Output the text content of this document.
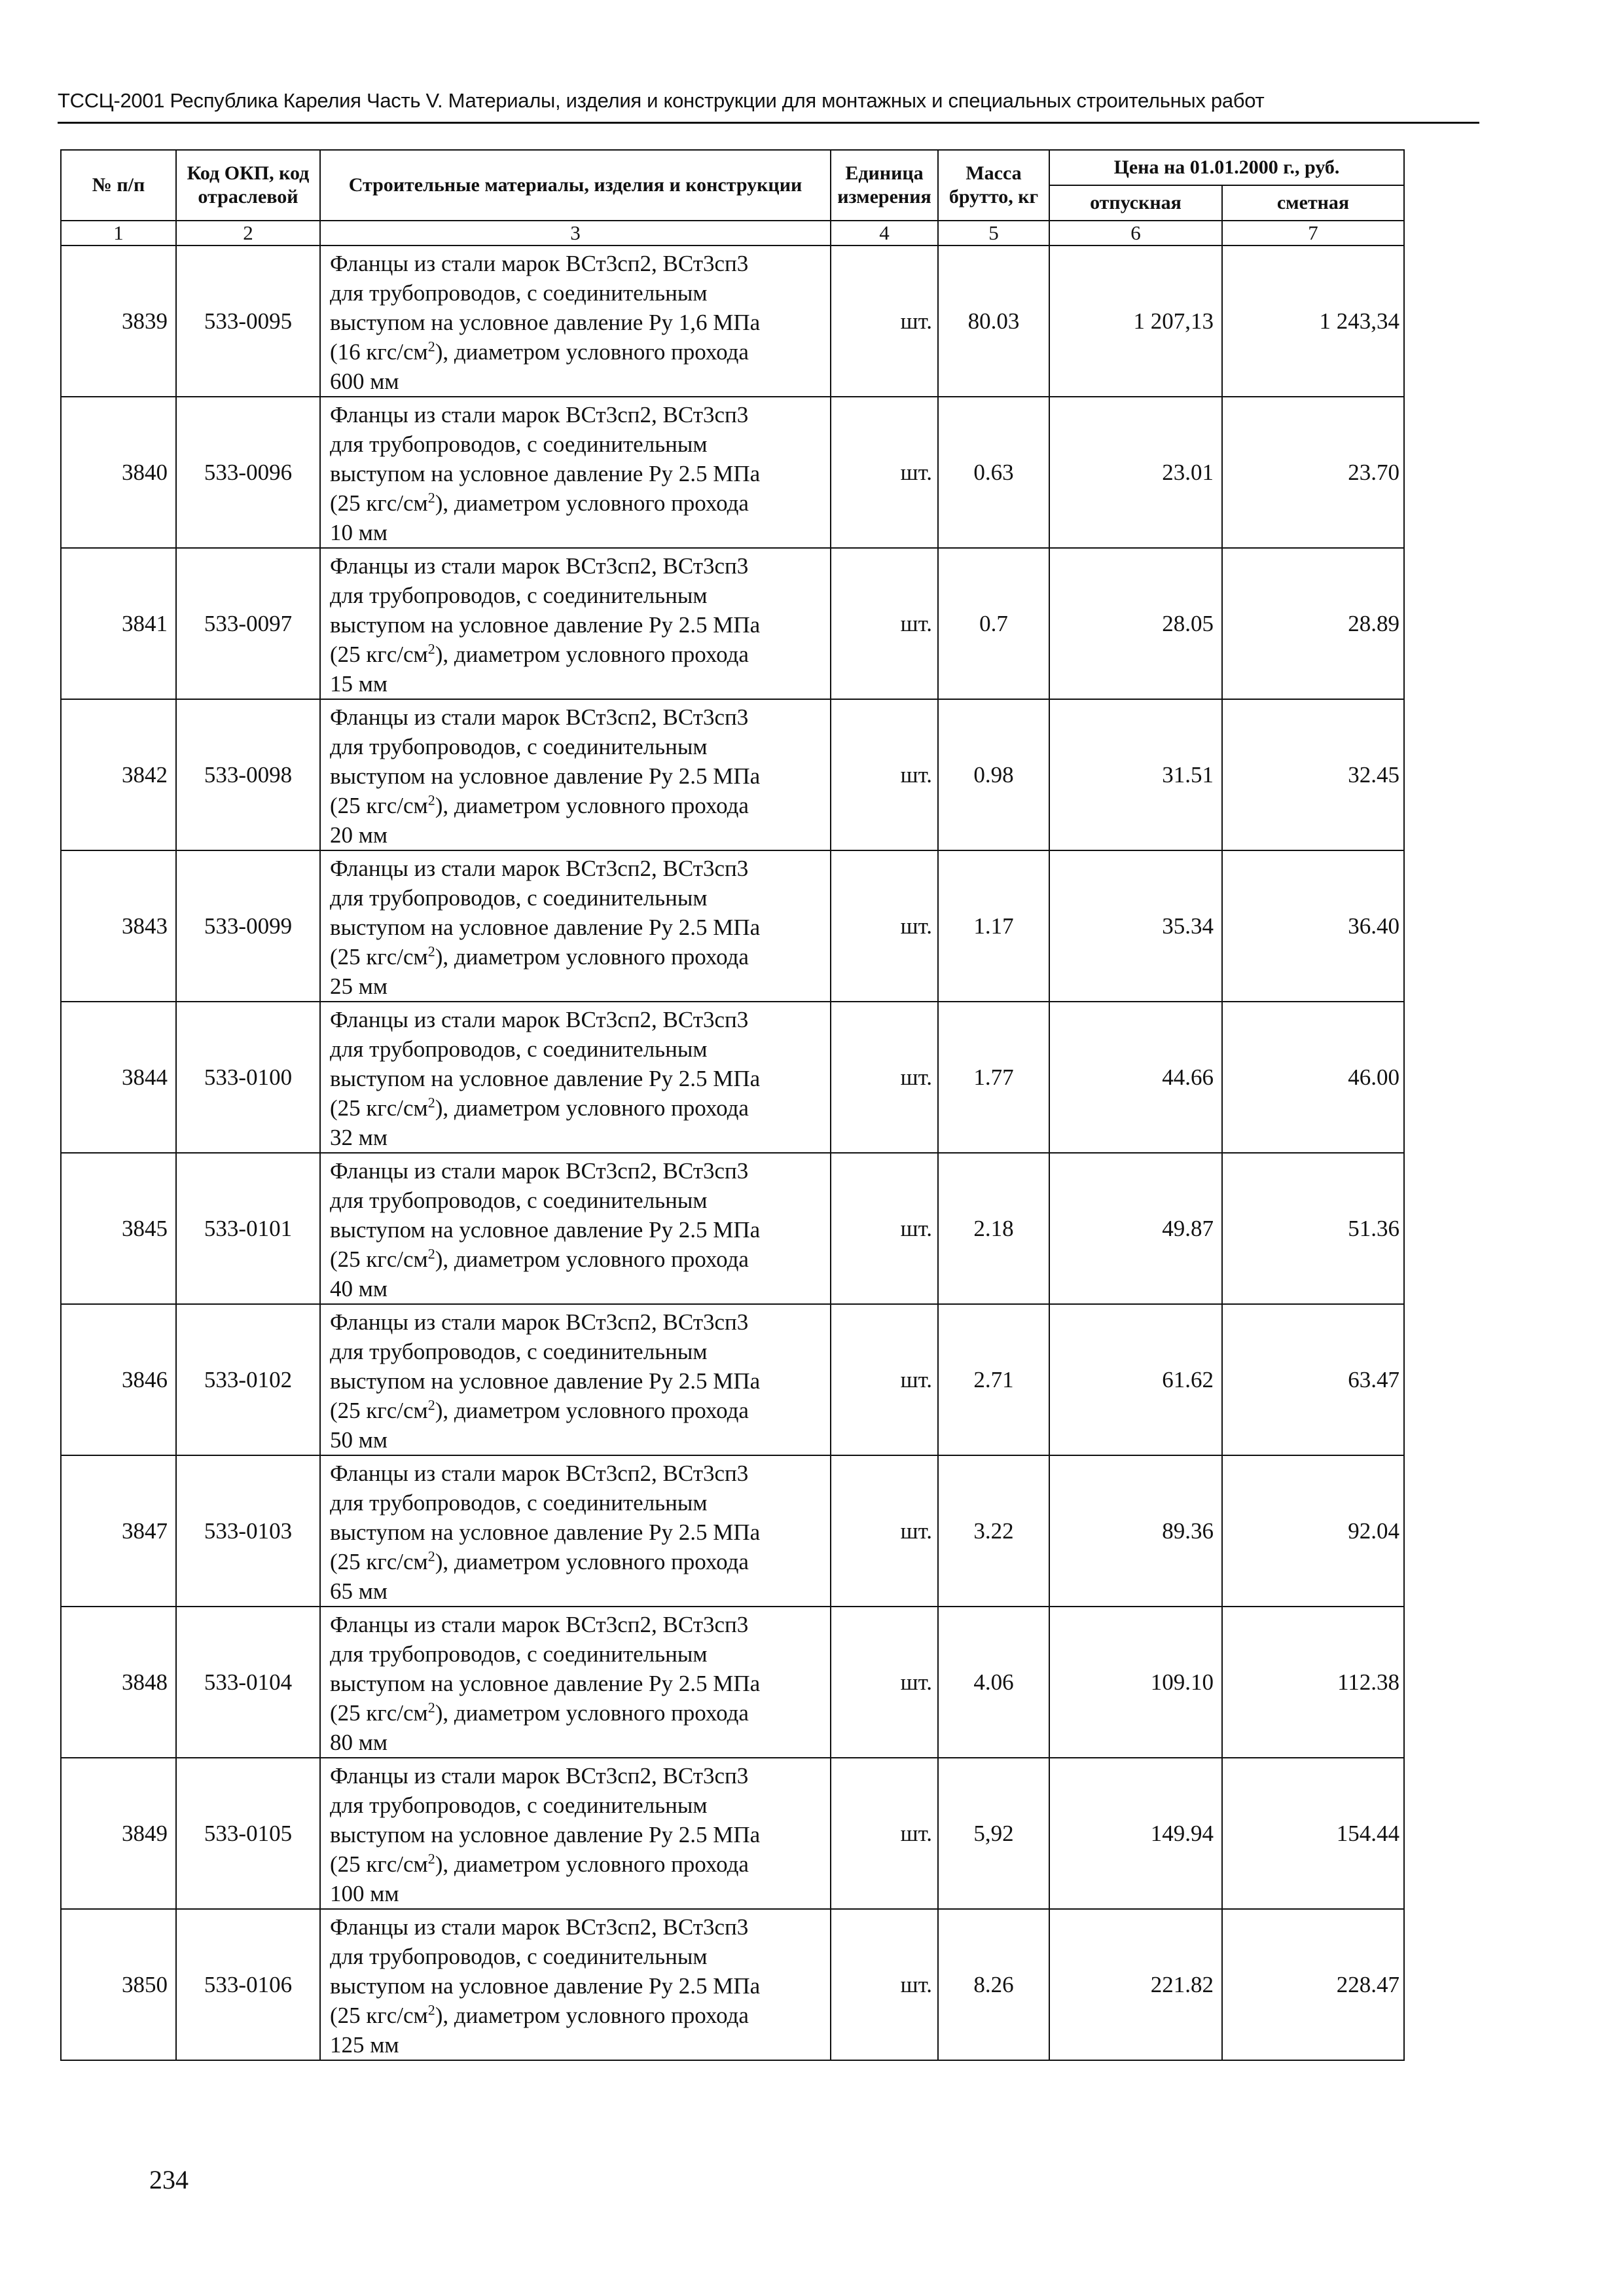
ТССЦ-2001 Республика Карелия Часть V. Материалы, изделия и конструкции для монтажных и специальных строительных работ
№ п/п	Код ОКП, код отраслевой	Строительные материалы, изделия и конструкции	Единица измерения	Масса брутто, кг	Цена на 01.01.2000 г., руб.	
					отпускная	сметная
1	2	3	4	5	6	7
3839	533-0095	Фланцы из стали марок ВСт3сп2, ВСт3сп3
для трубопроводов, с соединительным
выступом на условное давление Ру 1,6 МПа
(16 кгс/$см^2$), диаметром условного прохода
600 мм	шт.	80.03	1 207,13	1 243,34
3840	533-0096	Фланцы из стали марок ВСт3сп2, ВСт3сп3
для трубопроводов, с соединительным
выступом на условное давление Ру 2.5 МПа
(25 кгс/$см^2$), диаметром условного прохода
10 мм	шт.	0.63	23.01	23.70
3841	533-0097	Фланцы из стали марок ВСт3сп2, ВСт3сп3
для трубопроводов, с соединительным
выступом на условное давление Ру 2.5 МПа
(25 кгс/$см^2$), диаметром условного прохода
15 мм	шт.	0.7	28.05	28.89
3842	533-0098	Фланцы из стали марок ВСт3сп2, ВСт3сп3
для трубопроводов, с соединительным
выступом на условное давление Ру 2.5 МПа
(25 кгс/$см^2$), диаметром условного прохода
20 мм	шт.	0.98	31.51	32.45
3843	533-0099	Фланцы из стали марок ВСт3сп2, ВСт3сп3
для трубопроводов, с соединительным
выступом на условное давление Ру 2.5 МПа
(25 кгс/$см^2$), диаметром условного прохода
25 мм	шт.	1.17	35.34	36.40
3844	533-0100	Фланцы из стали марок ВСт3сп2, ВСт3сп3
для трубопроводов, с соединительным
выступом на условное давление Ру 2.5 МПа
(25 кгс/$см^2$), диаметром условного прохода
32 мм	шт.	1.77	44.66	46.00
3845	533-0101	Фланцы из стали марок ВСт3сп2, ВСт3сп3
для трубопроводов, с соединительным
выступом на условное давление Ру 2.5 МПа
(25 кгс/$см^2$), диаметром условного прохода
40 мм	шт.	2.18	49.87	51.36
3846	533-0102	Фланцы из стали марок ВСт3сп2, ВСт3сп3
для трубопроводов, с соединительным
выступом на условное давление Ру 2.5 МПа
(25 кгс/$см^2$), диаметром условного прохода
50 мм	шт.	2.71	61.62	63.47
3847	533-0103	Фланцы из стали марок ВСт3сп2, ВСт3сп3
для трубопроводов, с соединительным
выступом на условное давление Ру 2.5 МПа
(25 кгс/$см^2$), диаметром условного прохода
65 мм	шт.	3.22	89.36	92.04
3848	533-0104	Фланцы из стали марок ВСт3сп2, ВСт3сп3
для трубопроводов, с соединительным
выступом на условное давление Ру 2.5 МПа
(25 кгс/$см^2$), диаметром условного прохода
80 мм	шт.	4.06	109.10	112.38
3849	533-0105	Фланцы из стали марок ВСт3сп2, ВСт3сп3
для трубопроводов, с соединительным
выступом на условное давление Ру 2.5 МПа
(25 кгс/$см^2$), диаметром условного прохода
100 мм	шт.	5,92	149.94	154.44
3850	533-0106	Фланцы из стали марок ВСт3сп2, ВСт3сп3
для трубопроводов, с соединительным
выступом на условное давление Ру 2.5 МПа
(25 кгс/$см^2$), диаметром условного прохода
125 мм	шт.	8.26	221.82	228.47
234
